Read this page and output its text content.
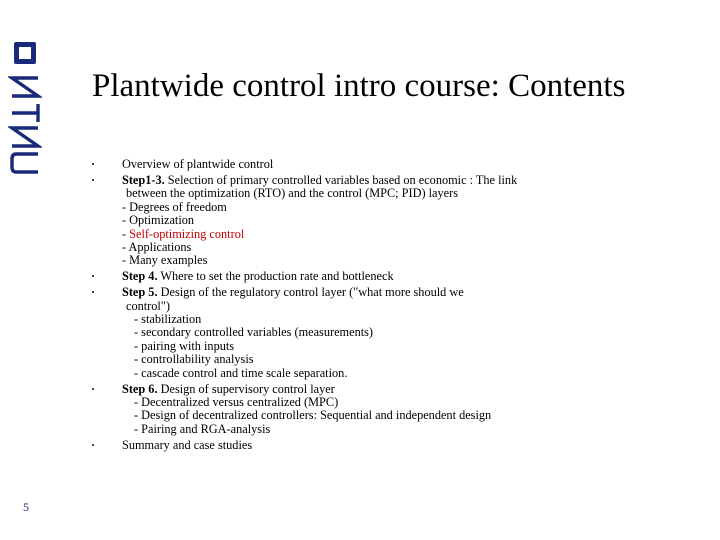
5
Plantwide control intro course: Contents
• Overview of plantwide control
• Step1-3. Selection of primary controlled variables based on economic : The link
between the optimization (RTO) and the control (MPC; PID) layers
- Degrees of freedom
- Optimization
- Self-optimizing control
- Applications
- Many examples
• Step 4. Where to set the production rate and bottleneck
• Step 5. Design of the regulatory control layer ("what more should we
control")
- stabilization
- secondary controlled variables (measurements)
- pairing with inputs
- controllability analysis
- cascade control and time scale separation.
• Step 6. Design of supervisory control layer
- Decentralized versus centralized (MPC)
- Design of decentralized controllers: Sequential and independent design
- Pairing and RGA-analysis
• Summary and case studies
